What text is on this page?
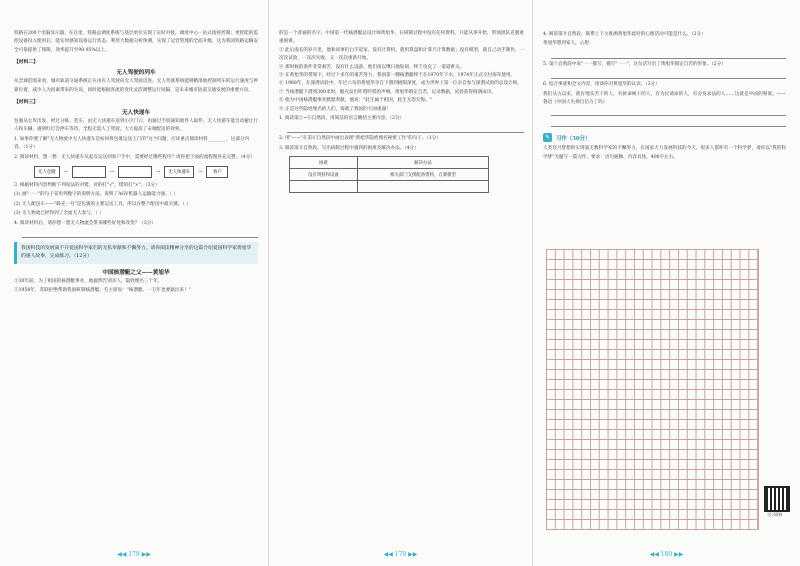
铁路在200个电脑显示器。在这里，铁路总调度系统与基层单位实现了实时对接，调度中心一站式指挥控制；更智能的监控设备投入使用后，能实时感知设备运行状态，利用大数据分析预测，实现了运营管理的全面升级，这为我国铁路运输安全可靠提供了保障，效率提升至99.95%以上。

【材料二】
无人驾驶的列车

从全球范围来看，城市轨道交通系统正在由有人驾驶向无人驾驶迈进。无人驾驶系统能够精准地控制列车的运行速度与停靠位置，减少人为因素带来的失误，同时能根据客流的变化灵活调整运行间隔，是未来城市轨道交通发展的重要方向。

【材料三】
无人快递车

包裹从仓库出发，经过分拣、装车，由无人快递车送到小区门口，再通过手机通知收件人取件。无人快递车能自动避让行人和车辆，遇到红灯会停车等待，全程无需人工驾驶，大大提高了末端配送的效率。

1. 如果你要了解"无人物流中无人快递车是如何将包裹运送上门的"这个问题，应该重点阅读材料________，这部分内容。（1分）

2. 阅读材料，想一想：无人快递车从起点运送到客户手中，需要经过哪些程序？请你把下面的流程图补充完整。（4分）

无人仓储	→	→	→	无人快递车	→	客户

3. 根据材料内容判断下列说法的对错，对的打"√"，错的打"×"。（3分）

(1) 画"一一"的句子采用列数字的说明方法，说明了AGV机器人运输能力强。（ ）

(2) 无人配送车——"毂壳一号"是包裹的主要运送工具，所以在整个配送中最关键。（ ）

(3) 无人物流已经得到了全面无人参与。（ ）

4. 阅读材料后，请你想一想无人物流会带来哪些好处和改变？（3分）

我国科技的发展离不开爱国科学家们的无私奉献和不懈努力。请你阅读精神分享的这篇介绍爱国科学家黄旭华的感人故事，完成练习。（12分）
中国核潜艇之父——黄旭华

①30年前，为了祖国的核潜艇事业，他毅然告别亲人，隐姓埋名三十年。

②1958年，苏联拒绝帮助我国研制核潜艇，毛主席说："核潜艇，一万年也要搞出来！"

◀◀ 179 ▶▶

的是一个普通的名字。中国第一代核潜艇总设计师黄旭华，在研制过程中没有任何资料，只能从零开始，带领团队克服重重困难。

③ 此后漫长的岁月里，他和同事们白手起家，没有计算机，就用算盘和计算尺计算数据；没有模型，就自己动手制作，一次次试验，一次次失败，又一次次重新开始。

④ 那时候的条件非常艰苦，没有什么设备，他们夜以继日地钻研，终于攻克了一道道难关。

⑤ 在黄旭华的带领下，经过十多年的艰苦努力，我国第一艘核潜艇终于在1970年下水，1974年正式交付海军使用。

⑥ 1988年，在深潜试验中，年过六旬的黄旭华亲自下潜到极限深度，成为世界上第一位亲自参与深潜试验的总设计师。

⑦ 当核潜艇下潜到300米时，艇壳发出咔嗒咔嗒的声响，黄旭华镇定自若，记录数据，试验获得圆满成功。

⑧ 他为中国核潜艇事业默默奉献，他说："此生属于祖国，此生无怨无悔。"

⑨ 正是这些隐姓埋名的人们，铸就了我国的大国重器！

1. 阅读第①~⑥自然段，用简洁的语言概括主要内容。（2分）

2. 用"——"在第⑥自然段中画出表现"黄旭华隐姓埋名秘密工作"的句子。（1分）

3. 阅读第⑧自然段，写出研制过程中遇到的困难及解决办法。（4分）

困难	解决办法
没有资料和设备	相关部门支援配备资料，自制模型

◀◀ 179 ▶▶

4. 阅读第⑨自然段，联系上下文推测黄旭华此时的心理活动可能是什么。（2分）

黄旭华想到家人，心想：

5. 第⑦自然段中说"一一描写，描写"一一"，这句话写出了黄旭华镇定自若的形象。（2分）

6. 结合事迹和全文内容，谈谈你对黄旭华的认识。（3分）

我们从古以来，就有埋头苦干的人，有拼命硬干的人，有为民请命的人，有舍身求法的人……这就是中国的脊梁。——鲁迅《中国人失掉自信力了吗》

✎	习作（30分）

人类登月梦想的实现靠无数科学家的不懈努力，在国家大力发展科技的今天，很多人都怀有一个科学梦，请你以"我的科学梦"为题写一篇习作，要求：语句通顺，内容具体，400字左右。

◀◀ 180 ▶▶
学习资料
